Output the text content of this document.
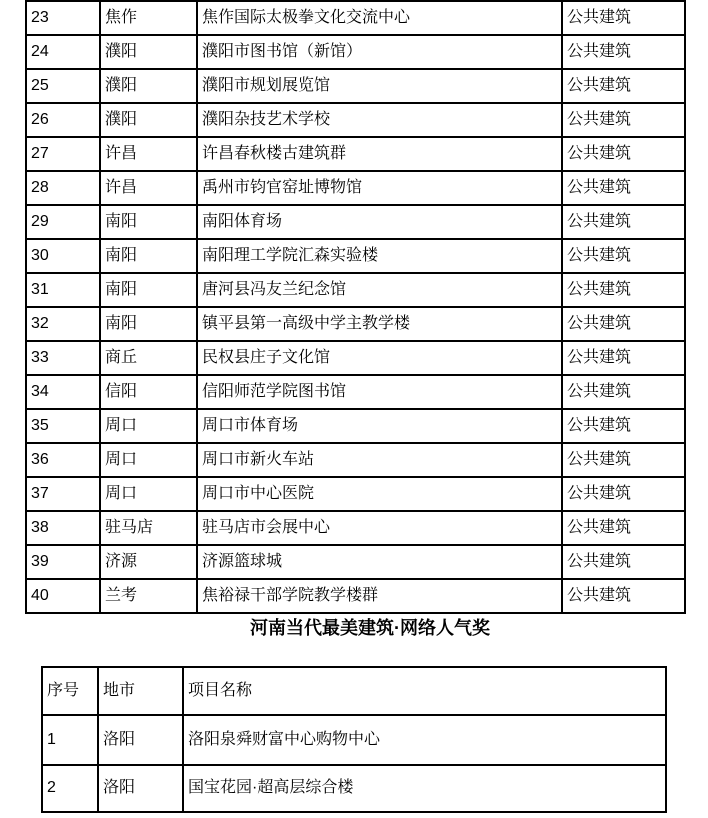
23	焦作	焦作国际太极拳文化交流中心	公共建筑
24	濮阳	濮阳市图书馆（新馆）	公共建筑
25	濮阳	濮阳市规划展览馆	公共建筑
26	濮阳	濮阳杂技艺术学校	公共建筑
27	许昌	许昌春秋楼古建筑群	公共建筑
28	许昌	禹州市钧官窑址博物馆	公共建筑
29	南阳	南阳体育场	公共建筑
30	南阳	南阳理工学院汇森实验楼	公共建筑
31	南阳	唐河县冯友兰纪念馆	公共建筑
32	南阳	镇平县第一高级中学主教学楼	公共建筑
33	商丘	民权县庄子文化馆	公共建筑
34	信阳	信阳师范学院图书馆	公共建筑
35	周口	周口市体育场	公共建筑
36	周口	周口市新火车站	公共建筑
37	周口	周口市中心医院	公共建筑
38	驻马店	驻马店市会展中心	公共建筑
39	济源	济源篮球城	公共建筑
40	兰考	焦裕禄干部学院教学楼群	公共建筑
河南当代最美建筑·网络人气奖
序号	地市	项目名称
1	洛阳	洛阳泉舜财富中心购物中心
2	洛阳	国宝花园·超高层综合楼
